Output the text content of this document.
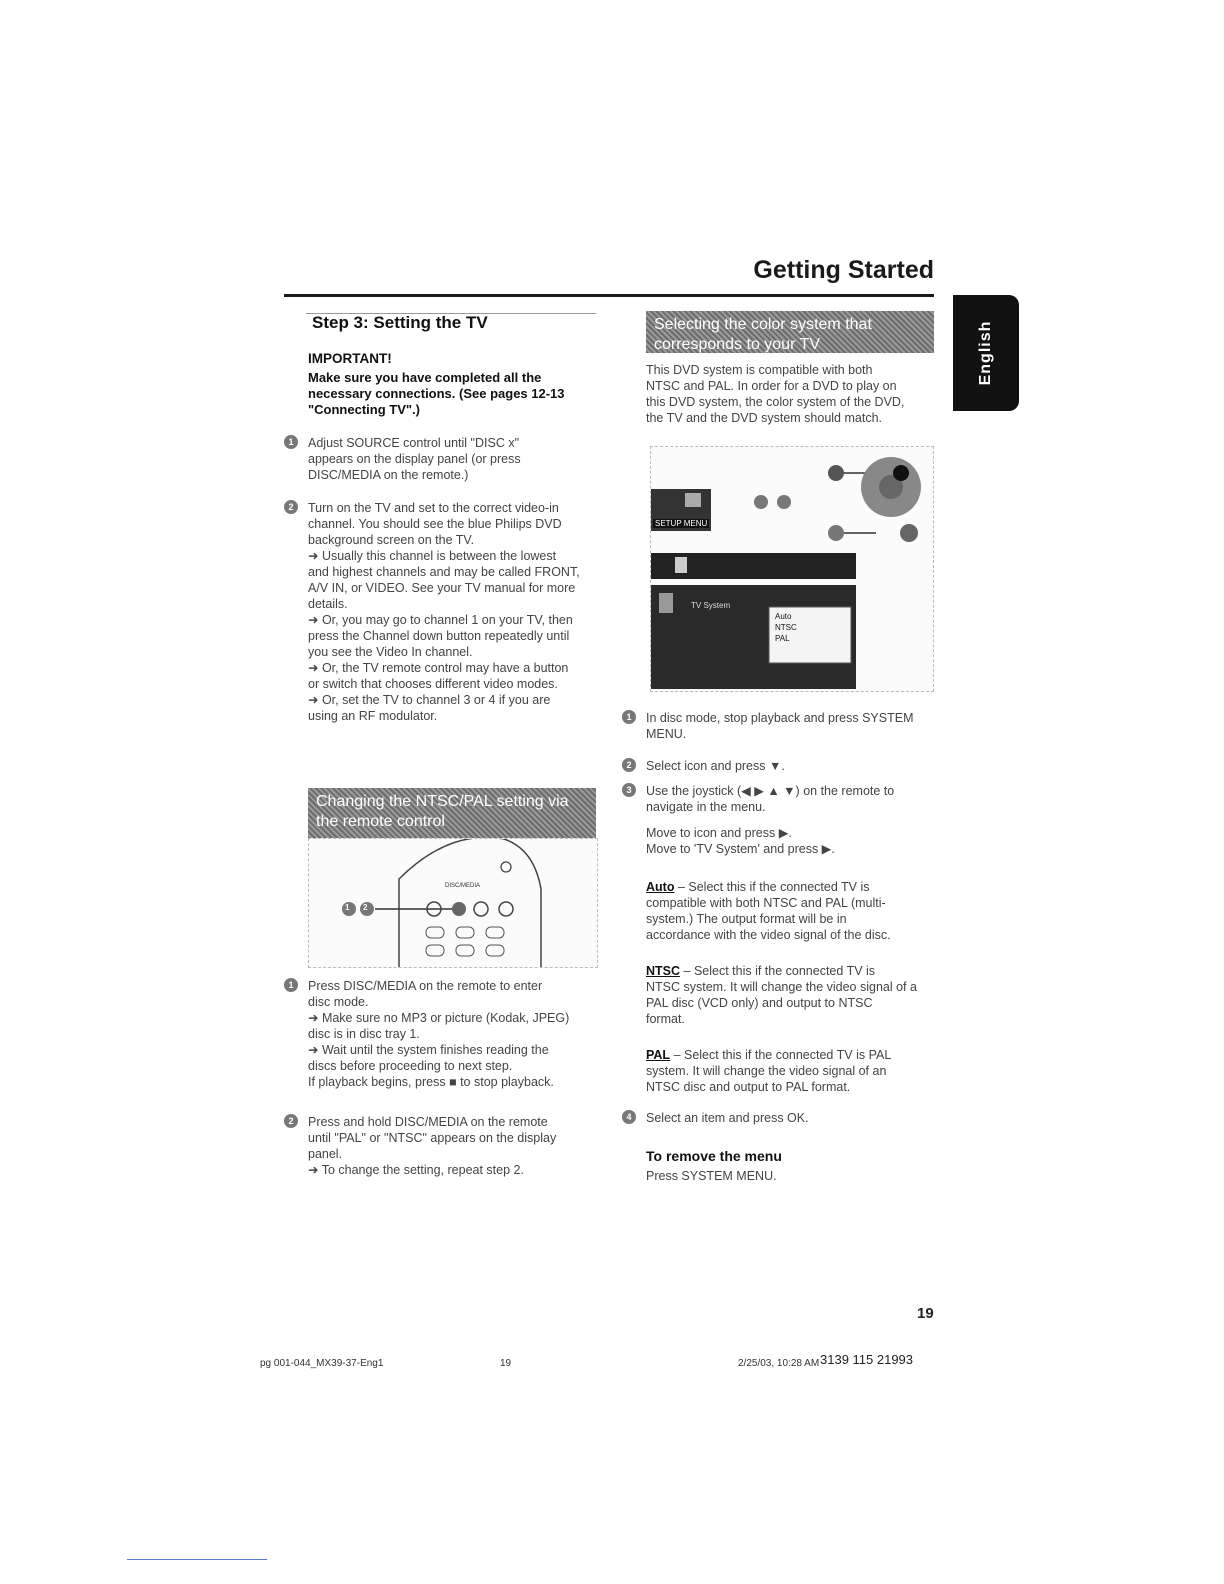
Getting Started
English
Step 3: Setting the TV
IMPORTANT!
Make sure you have completed all the necessary connections. (See pages 12-13 "Connecting TV".)
1	Adjust SOURCE control until "DISC x"

appears on the display panel (or press

DISC/MEDIA on the remote.)

2	Turn on the TV and set to the correct video-in

channel. You should see the blue Philips DVD

background screen on the TV.

➜ Usually this channel is between the lowest

and highest channels and may be called FRONT,

A/V IN, or VIDEO. See your TV manual for more

details.

➜ Or, you may go to channel 1 on your TV, then

press the Channel down button repeatedly until

you see the Video In channel.

➜ Or, the TV remote control may have a button

or switch that chooses different video modes.

➜ Or, set the TV to channel 3 or 4 if you are

using an RF modulator.

Changing the NTSC/PAL setting via the remote control
1 2
DISC/MEDIA
1	Press DISC/MEDIA on the remote to enter

disc mode.

➜ Make sure no MP3 or picture (Kodak, JPEG)

disc is in disc tray 1.

➜ Wait until the system finishes reading the

discs before proceeding to next step.

If playback begins, press ■ to stop playback.

2	Press and hold DISC/MEDIA on the remote

until "PAL" or "NTSC" appears on the display

panel.

➜ To change the setting, repeat step 2.

Selecting the color system that corresponds to your TV

This DVD system is compatible with both

NTSC and PAL. In order for a DVD to play on

this DVD system, the color system of the DVD,

the TV and the DVD system should match.

SETUP MENU
TV System
Auto
NTSC
PAL
1	In disc mode, stop playback and press SYSTEM

MENU.

2	Select icon and press ▼.

3	Use the joystick (◀ ▶ ▲ ▼) on the remote to

navigate in the menu.

Move to icon and press ▶.

Move to 'TV System' and press ▶.

Auto – Select this if the connected TV is

compatible with both NTSC and PAL (multi-

system.) The output format will be in

accordance with the video signal of the disc.

NTSC – Select this if the connected TV is

NTSC system. It will change the video signal of a

PAL disc (VCD only) and output to NTSC

format.

PAL – Select this if the connected TV is PAL

system. It will change the video signal of an

NTSC disc and output to PAL format.

4	Select an item and press OK.
To remove the menu
Press SYSTEM MENU.
19
pg 001-044_MX39-37-Eng1	19	2/25/03, 10:28 AM 3139 115 21993
